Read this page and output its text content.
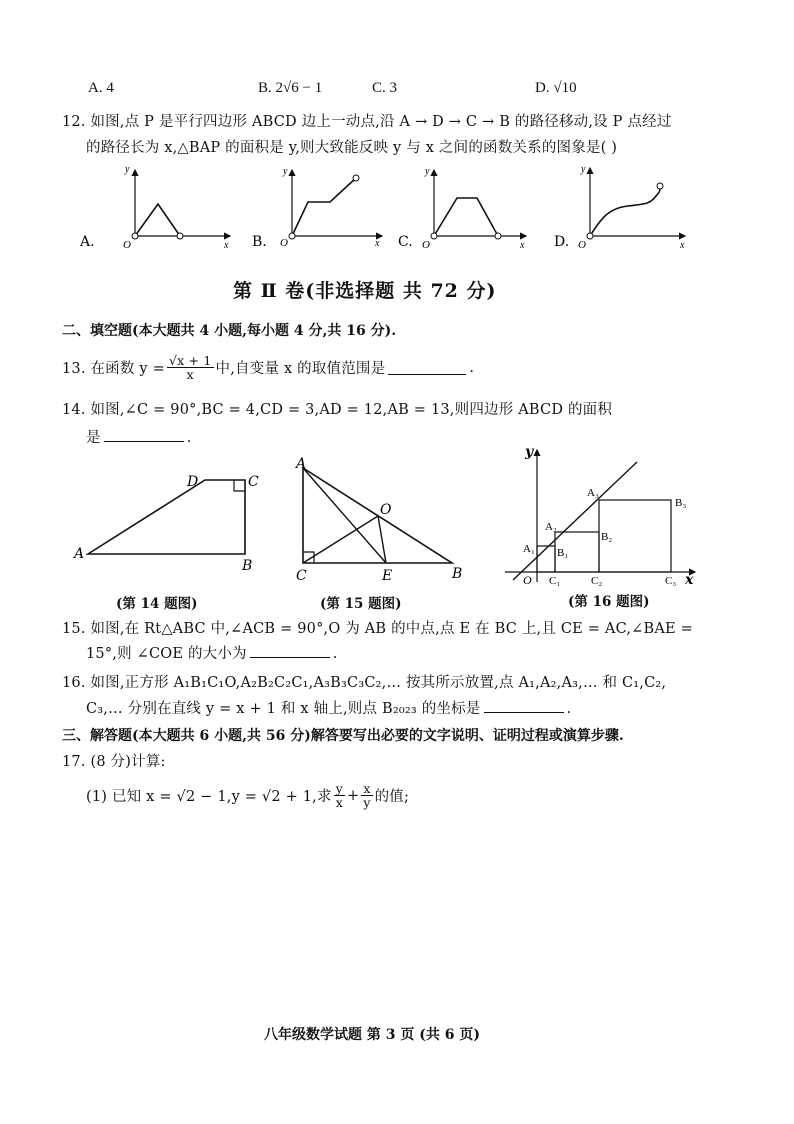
A. 4	B. 2√6 − 1	C. 3	D. √10
12. 如图,点 P 是平行四边形 ABCD 边上一动点,沿 A → D → C → B 的路径移动,设 P 点经过
的路径长为 x,△BAP 的面积是 y,则大致能反映 y 与 x 之间的函数关系的图象是( )
A.
y
x
O	B.
y
x
O	C.
y
x
O	D.
y
x
O
第 Ⅱ 卷(非选择题 共 72 分)
二、填空题(本大题共 4 小题,每小题 4 分,共 16 分).
13. 在函数 $y = \frac{√x + 1}{x}$ 中,自变量 x 的取值范围是	.
14. 如图,∠C = 90°,BC = 4,CD = 3,AD = 12,AB = 13,则四边形 ABCD 的面积
是	.
A
D	C
B
(第 14 题图)
A
O
C	E	B
(第 15 题图)
y
x
O
A₁
A₂
A₃
B₁
B₂
B₃
C₁	C₂	C₃
(第 16 题图)
15. 如图,在 Rt△ABC 中,∠ACB = 90°,O 为 AB 的中点,点 E 在 BC 上,且 CE = AC,∠BAE =
15°,则 ∠COE 的大小为	.
16. 如图,正方形 A₁B₁C₁O,A₂B₂C₂C₁,A₃B₃C₃C₂,… 按其所示放置,点 A₁,A₂,A₃,… 和 C₁,C₂,
C₃,… 分别在直线 y = x + 1 和 x 轴上,则点 B₂₀₂₃ 的坐标是	.
三、解答题(本大题共 6 小题,共 56 分)解答要写出必要的文字说明、证明过程或演算步骤.
17. (8 分)计算:
(1) 已知 x = √2 − 1,y = √2 + 1,求 $\frac{y}{x} + \frac{x}{y}$ 的值;
八年级数学试题 第 3 页 (共 6 页)
